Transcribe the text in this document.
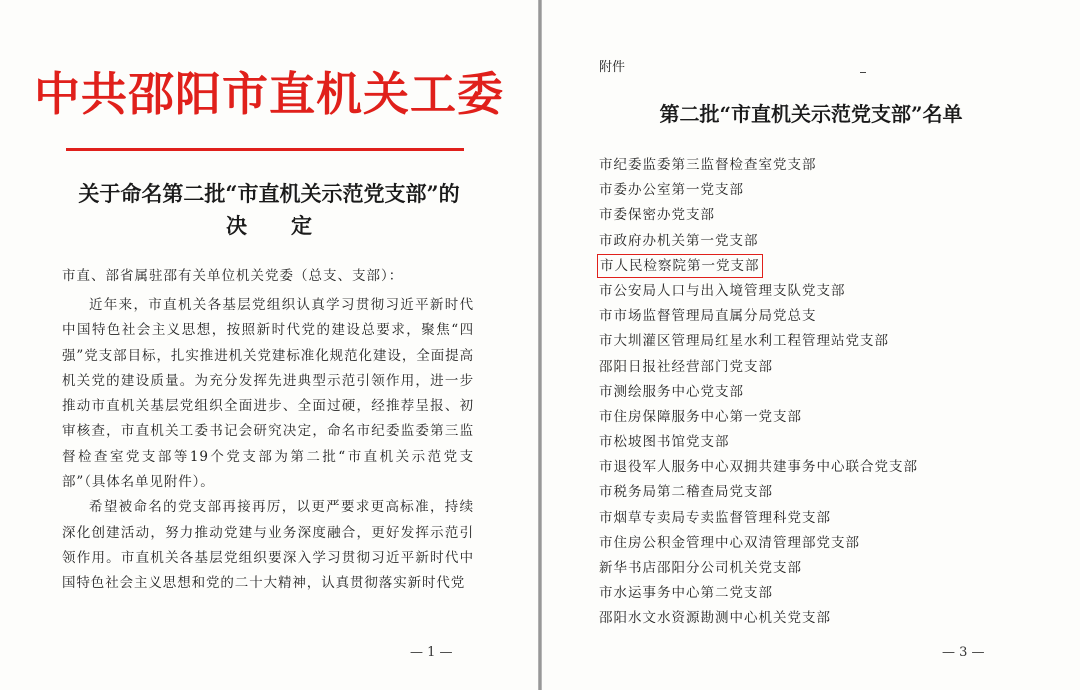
中共邵阳市直机关工委
关于命名第二批“市直机关示范党支部”的
决定
市直、部省属驻邵有关单位机关党委（总支、支部）：

近年来，市直机关各基层党组织认真学习贯彻习近平新时代中国特色社会主义思想，按照新时代党的建设总要求，聚焦“四强”党支部目标，扎实推进机关党建标准化规范化建设，全面提高机关党的建设质量。为充分发挥先进典型示范引领作用，进一步推动市直机关基层党组织全面进步、全面过硬，经推荐呈报、初审核查，市直机关工委书记会研究决定，命名市纪委监委第三监督检查室党支部等19个党支部为第二批“市直机关示范党支部”（具体名单见附件）。

希望被命名的党支部再接再厉，以更严要求更高标准，持续深化创建活动，努力推动党建与业务深度融合，更好发挥示范引领作用。市直机关各基层党组织要深入学习贯彻习近平新时代中国特色社会主义思想和党的二十大精神，认真贯彻落实新时代党

— 1 —
附件
第二批“市直机关示范党支部”名单
市纪委监委第三监督检查室党支部
市委办公室第一党支部
市委保密办党支部
市政府办机关第一党支部
市人民检察院第一党支部
市公安局人口与出入境管理支队党支部
市市场监督管理局直属分局党总支
市大圳灌区管理局红星水利工程管理站党支部
邵阳日报社经营部门党支部
市测绘服务中心党支部
市住房保障服务中心第一党支部
市松坡图书馆党支部
市退役军人服务中心双拥共建事务中心联合党支部
市税务局第二稽查局党支部
市烟草专卖局专卖监督管理科党支部
市住房公积金管理中心双清管理部党支部
新华书店邵阳分公司机关党支部
市水运事务中心第二党支部
邵阳水文水资源勘测中心机关党支部
— 3 —
